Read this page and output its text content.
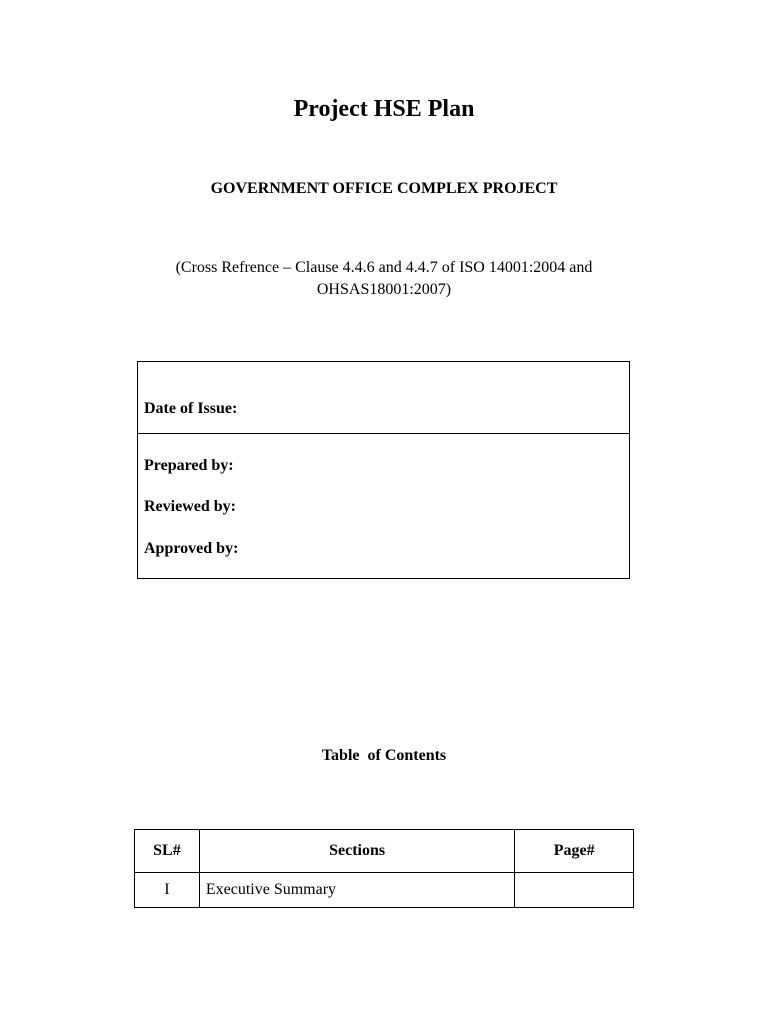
Project HSE Plan
GOVERNMENT OFFICE COMPLEX PROJECT

(Cross Refrence – Clause 4.4.6 and 4.4.7 of ISO 14001:2004 and
OHSAS18001:2007)

Date of Issue:
Prepared by:
Reviewed by:
Approved by:
Table  of Contents
SL#	Sections	Page#
I	Executive Summary	
